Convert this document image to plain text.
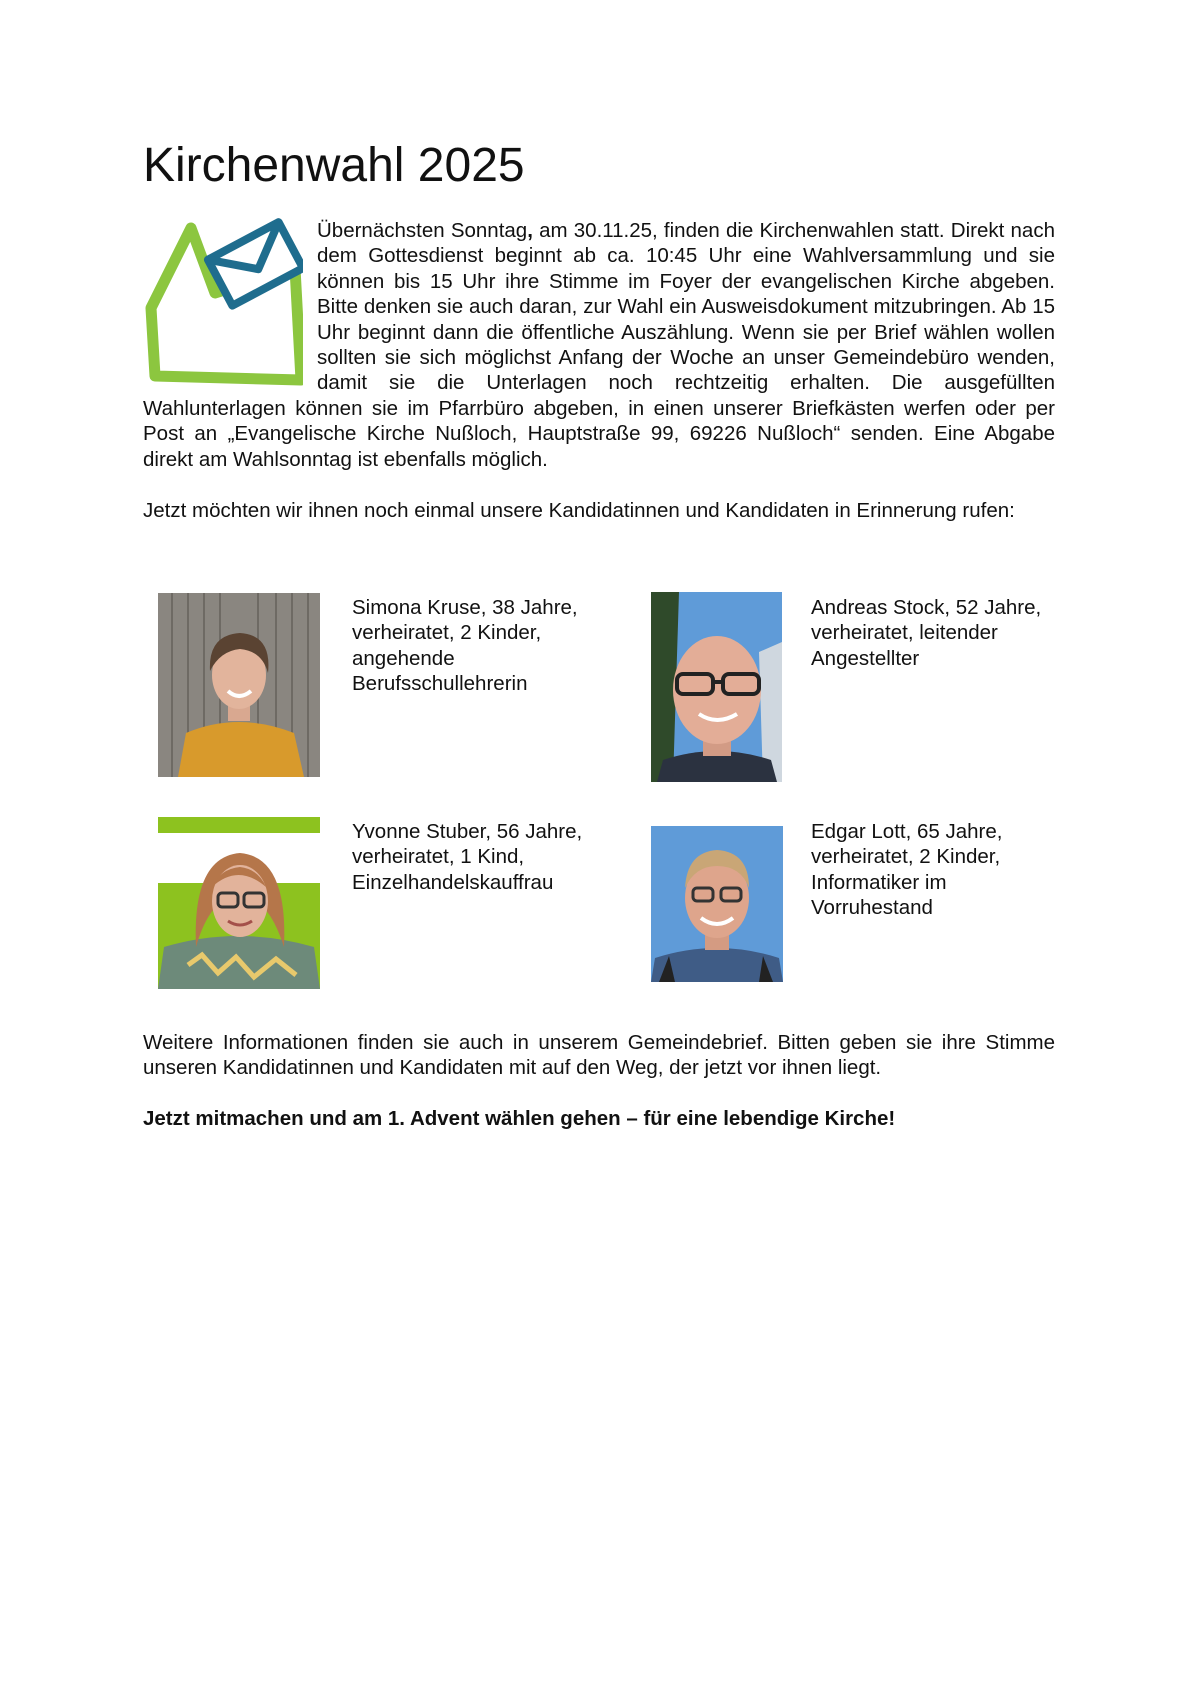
Kirchenwahl 2025

Übernächsten Sonntag, am 30.11.25, finden die Kirchenwahlen statt. Direkt nach dem Gottesdienst beginnt ab ca. 10:45 Uhr eine Wahlversammlung und sie können bis 15 Uhr ihre Stimme im Foyer der evangelischen Kirche abgeben. Bitte denken sie auch daran, zur Wahl ein Ausweisdokument mitzubringen. Ab 15 Uhr beginnt dann die öffentliche Auszählung. Wenn sie per Brief wählen wollen sollten sie sich möglichst Anfang der Woche an unser Gemeindebüro wenden, damit sie die Unterlagen noch rechtzeitig erhalten. Die ausgefüllten Wahlunterlagen können sie im Pfarrbüro abgeben, in einen unserer Briefkästen werfen oder per Post an „Evangelische Kirche Nußloch, Hauptstraße 99, 69226 Nußloch“ senden. Eine Abgabe direkt am Wahlsonntag ist ebenfalls möglich.

Jetzt möchten wir ihnen noch einmal unsere Kandidatinnen und Kandidaten in Erinnerung rufen:

Simona Kruse, 38 Jahre,
verheiratet, 2 Kinder,
angehende
Berufsschullehrerin

Andreas Stock, 52 Jahre,
verheiratet, leitender
Angestellter

Yvonne Stuber, 56 Jahre,
verheiratet, 1 Kind,
Einzelhandelskauffrau

Edgar Lott, 65 Jahre,
verheiratet, 2 Kinder,
Informatiker im
Vorruhestand

Weitere Informationen finden sie auch in unserem Gemeindebrief. Bitten geben sie ihre Stimme unseren Kandidatinnen und Kandidaten mit auf den Weg, der jetzt vor ihnen liegt.

Jetzt mitmachen und am 1. Advent wählen gehen – für eine lebendige Kirche!
